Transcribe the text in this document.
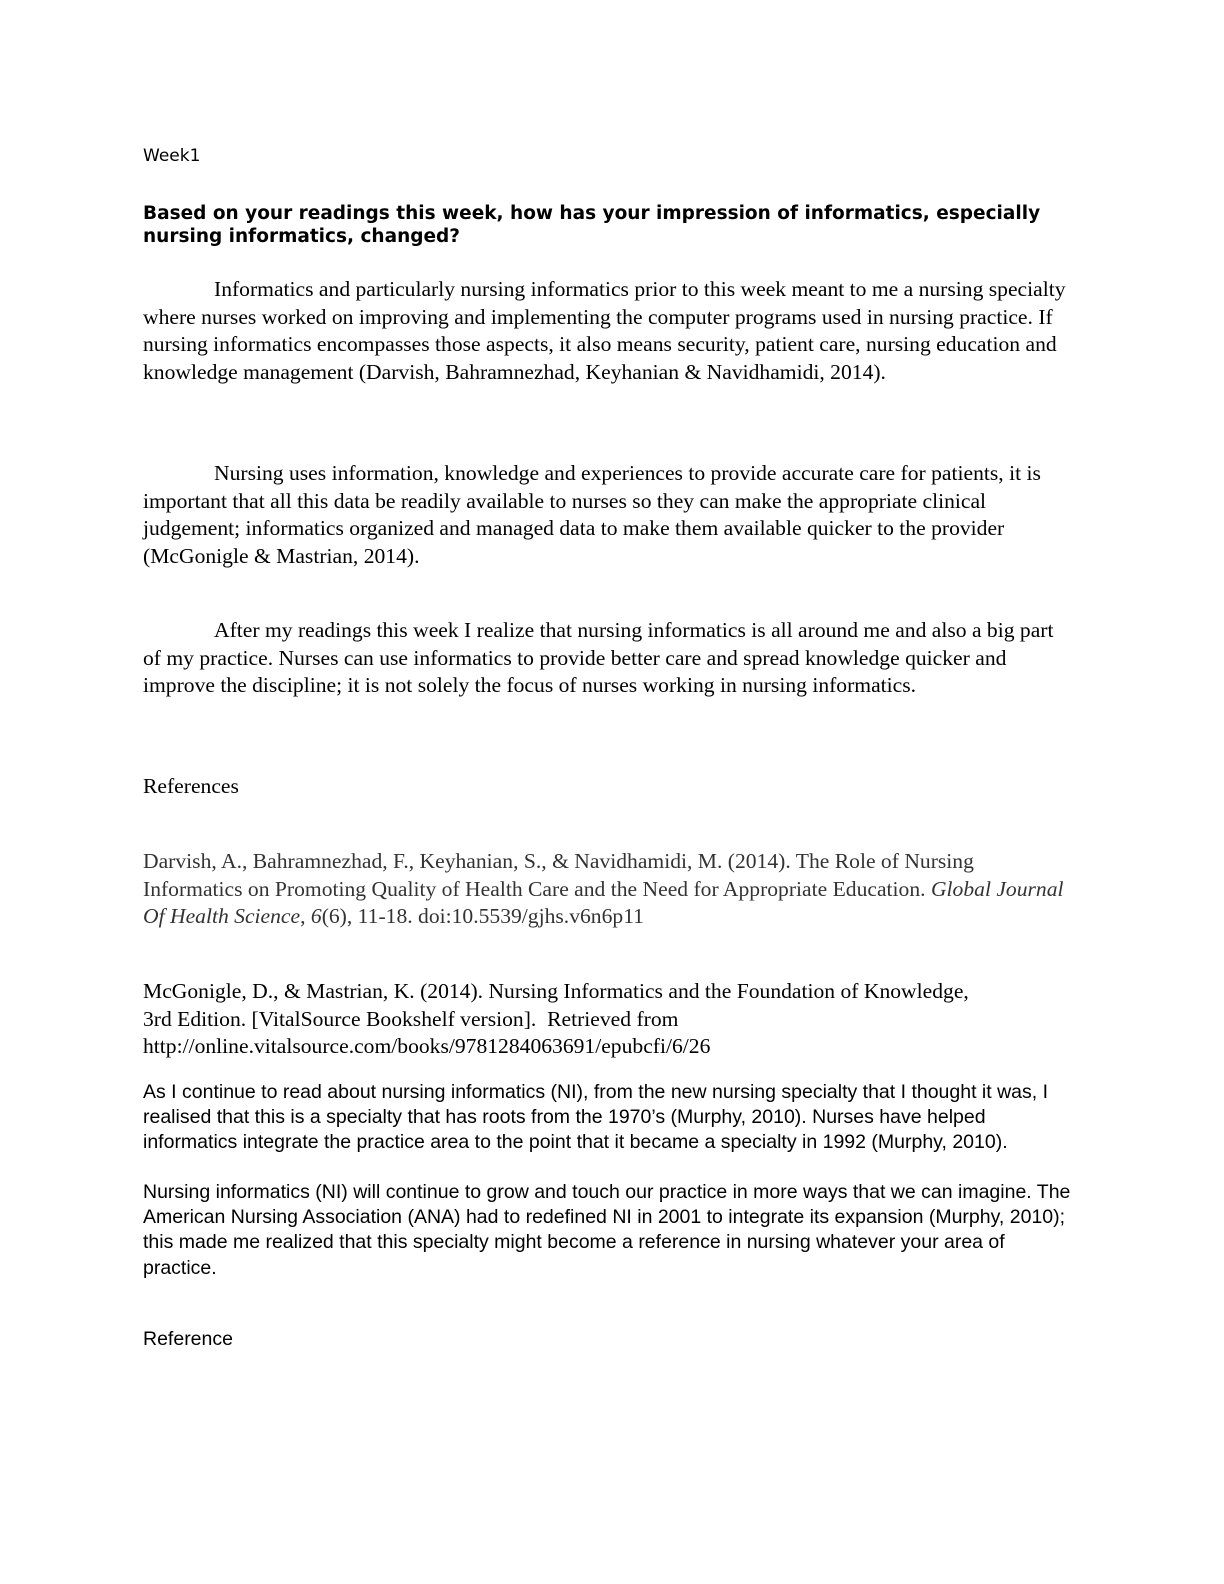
Week1

Based on your readings this week, how has your impression of informatics, especially nursing informatics, changed?

Informatics and particularly nursing informatics prior to this week meant to me a nursing specialty where nurses worked on improving and implementing the computer programs used in nursing practice. If nursing informatics encompasses those aspects, it also means security, patient care, nursing education and knowledge management (Darvish, Bahramnezhad, Keyhanian & Navidhamidi, 2014).

Nursing uses information, knowledge and experiences to provide accurate care for patients, it is important that all this data be readily available to nurses so they can make the appropriate clinical judgement; informatics organized and managed data to make them available quicker to the provider (McGonigle & Mastrian, 2014).

After my readings this week I realize that nursing informatics is all around me and also a big part of my practice. Nurses can use informatics to provide better care and spread knowledge quicker and improve the discipline; it is not solely the focus of nurses working in nursing informatics.

References

Darvish, A., Bahramnezhad, F., Keyhanian, S., & Navidhamidi, M. (2014). The Role of Nursing Informatics on Promoting Quality of Health Care and the Need for Appropriate Education. Global Journal Of Health Science, 6(6), 11-18. doi:10.5539/gjhs.v6n6p11

McGonigle, D., & Mastrian, K. (2014). Nursing Informatics and the Foundation of Knowledge,
3rd Edition. [VitalSource Bookshelf version].  Retrieved from
http://online.vitalsource.com/books/9781284063691/epubcfi/6/26

As I continue to read about nursing informatics (NI), from the new nursing specialty that I thought it was, I realised that this is a specialty that has roots from the 1970’s (Murphy, 2010). Nurses have helped informatics integrate the practice area to the point that it became a specialty in 1992 (Murphy, 2010).

Nursing informatics (NI) will continue to grow and touch our practice in more ways that we can imagine. The American Nursing Association (ANA) had to redefined NI in 2001 to integrate its expansion (Murphy, 2010); this made me realized that this specialty might become a reference in nursing whatever your area of practice.

Reference
